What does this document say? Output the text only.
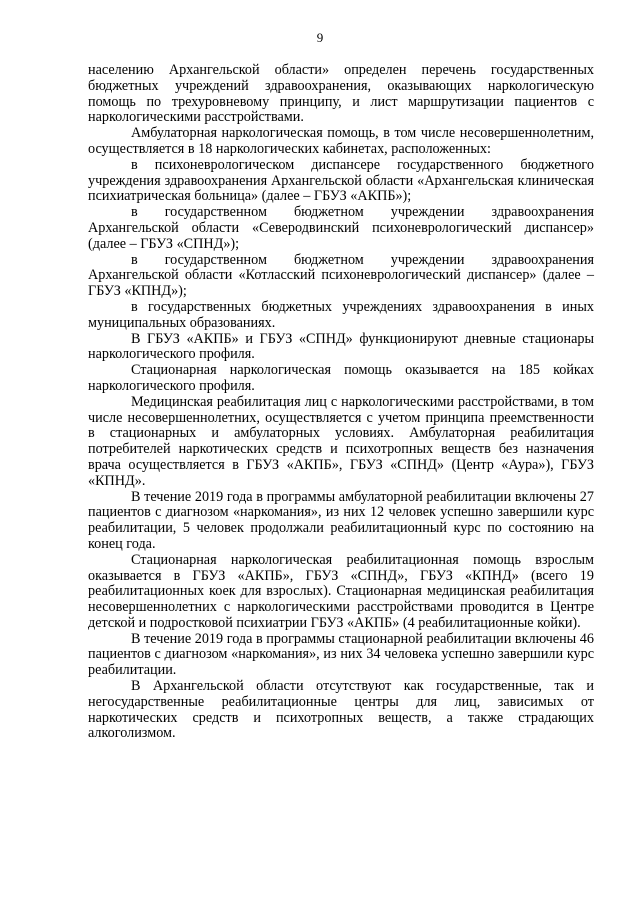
9

населению Архангельской области» определен перечень государственных бюджетных учреждений здравоохранения, оказывающих наркологическую помощь по трехуровневому принципу, и лист маршрутизации пациентов с наркологическими расстройствами.

Амбулаторная наркологическая помощь, в том числе несовершеннолетним, осуществляется в 18 наркологических кабинетах, расположенных:

в психоневрологическом диспансере государственного бюджетного учреждения здравоохранения Архангельской области «Архангельская клиническая психиатрическая больница» (далее – ГБУЗ «АКПБ»);

в государственном бюджетном учреждении здравоохранения Архангельской области «Северодвинский психоневрологический диспансер» (далее – ГБУЗ «СПНД»);

в государственном бюджетном учреждении здравоохранения Архангельской области «Котласский психоневрологический диспансер» (далее – ГБУЗ «КПНД»);

в государственных бюджетных учреждениях здравоохранения в иных муниципальных образованиях.

В ГБУЗ «АКПБ» и ГБУЗ «СПНД» функционируют дневные стационары наркологического профиля.

Стационарная наркологическая помощь оказывается на 185 койках наркологического профиля.

Медицинская реабилитация лиц с наркологическими расстройствами, в том числе несовершеннолетних, осуществляется с учетом принципа преемственности в стационарных и амбулаторных условиях. Амбулаторная реабилитация потребителей наркотических средств и психотропных веществ без назначения врача осуществляется в ГБУЗ «АКПБ», ГБУЗ «СПНД» (Центр «Аура»), ГБУЗ «КПНД».

В течение 2019 года в программы амбулаторной реабилитации включены 27 пациентов с диагнозом «наркомания», из них 12 человек успешно завершили курс реабилитации, 5 человек продолжали реабилитационный курс по состоянию на конец года.

Стационарная наркологическая реабилитационная помощь взрослым оказывается в ГБУЗ «АКПБ», ГБУЗ «СПНД», ГБУЗ «КПНД» (всего 19 реабилитационных коек для взрослых). Стационарная медицинская реабилитация несовершеннолетних с наркологическими расстройствами проводится в Центре детской и подростковой психиатрии ГБУЗ «АКПБ» (4 реабилитационные койки).

В течение 2019 года в программы стационарной реабилитации включены 46 пациентов с диагнозом «наркомания», из них 34 человека успешно завершили курс реабилитации.

В Архангельской области отсутствуют как государственные, так и негосударственные реабилитационные центры для лиц, зависимых от наркотических средств и психотропных веществ, а также страдающих алкоголизмом.
